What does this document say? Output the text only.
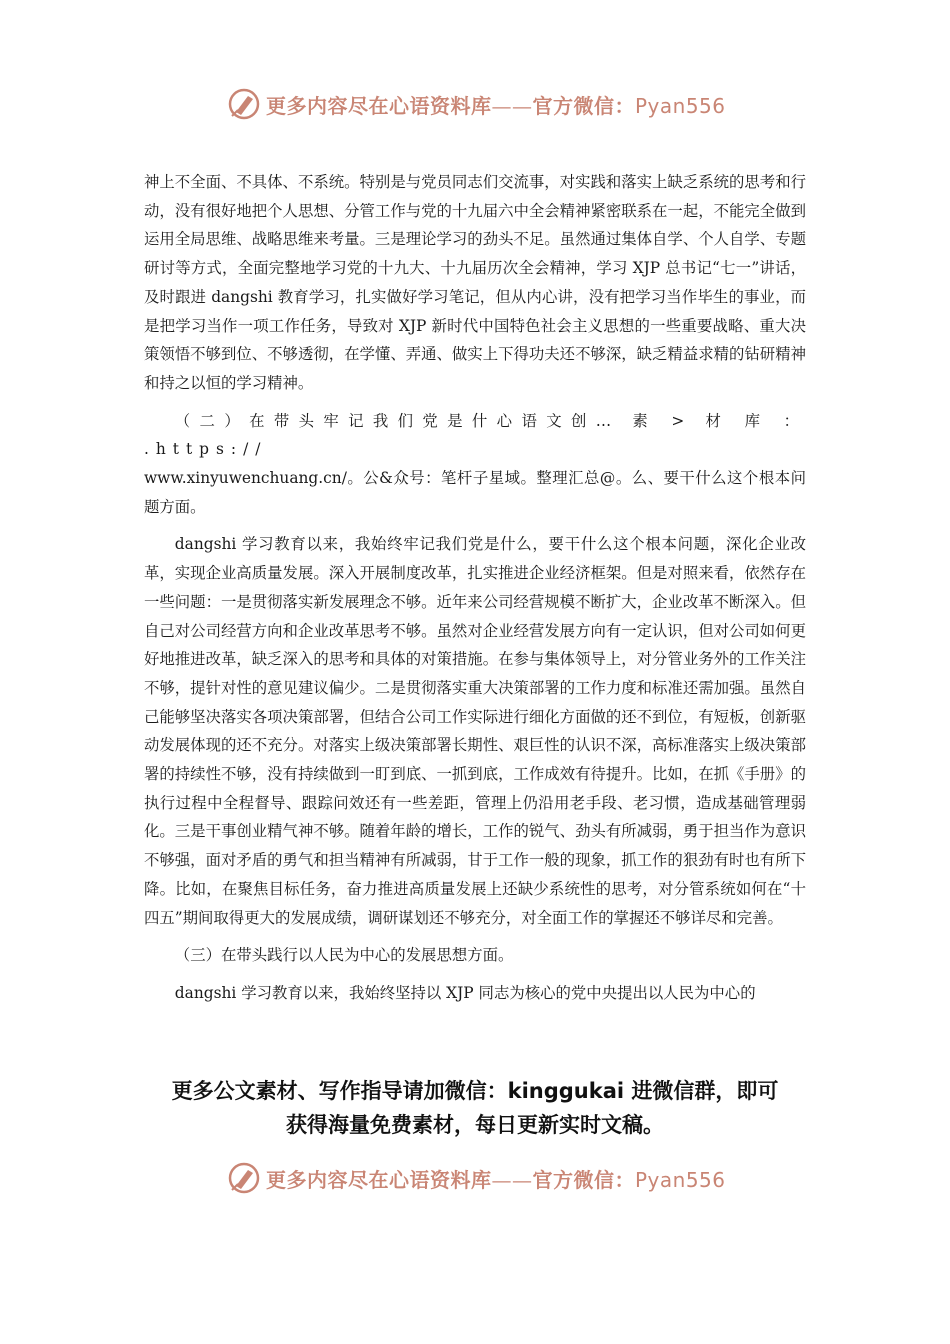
更多内容尽在心语资料库——官方微信：Pyan556

神上不全面、不具体、不系统。特别是与党员同志们交流事，对实践和落实上缺乏系统的思考和行动，没有很好地把个人思想、分管工作与党的十九届六中全会精神紧密联系在一起，不能完全做到运用全局思维、战略思维来考量。三是理论学习的劲头不足。虽然通过集体自学、个人自学、专题研讨等方式，全面完整地学习党的十九大、十九届历次全会精神，学习 XJP 总书记“七一”讲话，及时跟进 dangshi 教育学习，扎实做好学习笔记，但从内心讲，没有把学习当作毕生的事业，而是把学习当作一项工作任务，导致对 XJP 新时代中国特色社会主义思想的一些重要战略、重大决策领悟不够到位、不够透彻，在学懂、弄通、做实上下得功夫还不够深，缺乏精益求精的钻研精神和持之以恒的学习精神。

（二）在带头牢记我们党是什心语文创… 素 > 材 库 ： .https://

www.xinyuwenchuang.cn/。公&众号：笔杆子星域。整理汇总@。么、要干什么这个根本问题方面。

dangshi 学习教育以来，我始终牢记我们党是什么，要干什么这个根本问题，深化企业改革，实现企业高质量发展。深入开展制度改革，扎实推进企业经济框架。但是对照来看，依然存在一些问题：一是贯彻落实新发展理念不够。近年来公司经营规模不断扩大，企业改革不断深入。但自己对公司经营方向和企业改革思考不够。虽然对企业经营发展方向有一定认识，但对公司如何更好地推进改革，缺乏深入的思考和具体的对策措施。在参与集体领导上，对分管业务外的工作关注不够，提针对性的意见建议偏少。二是贯彻落实重大决策部署的工作力度和标准还需加强。虽然自己能够坚决落实各项决策部署，但结合公司工作实际进行细化方面做的还不到位，有短板，创新驱动发展体现的还不充分。对落实上级决策部署长期性、艰巨性的认识不深，高标准落实上级决策部署的持续性不够，没有持续做到一盯到底、一抓到底，工作成效有待提升。比如，在抓《手册》的执行过程中全程督导、跟踪问效还有一些差距，管理上仍沿用老手段、老习惯，造成基础管理弱化。三是干事创业精气神不够。随着年龄的增长，工作的锐气、劲头有所减弱，勇于担当作为意识不够强，面对矛盾的勇气和担当精神有所减弱，甘于工作一般的现象，抓工作的狠劲有时也有所下降。比如，在聚焦目标任务，奋力推进高质量发展上还缺少系统性的思考，对分管系统如何在“十四五”期间取得更大的发展成绩，调研谋划还不够充分，对全面工作的掌握还不够详尽和完善。

（三）在带头践行以人民为中心的发展思想方面。

dangshi 学习教育以来，我始终坚持以 XJP 同志为核心的党中央提出以人民为中心的

更多公文素材、写作指导请加微信：kinggukai 进微信群，即可
获得海量免费素材，每日更新实时文稿。
更多内容尽在心语资料库——官方微信：Pyan556
